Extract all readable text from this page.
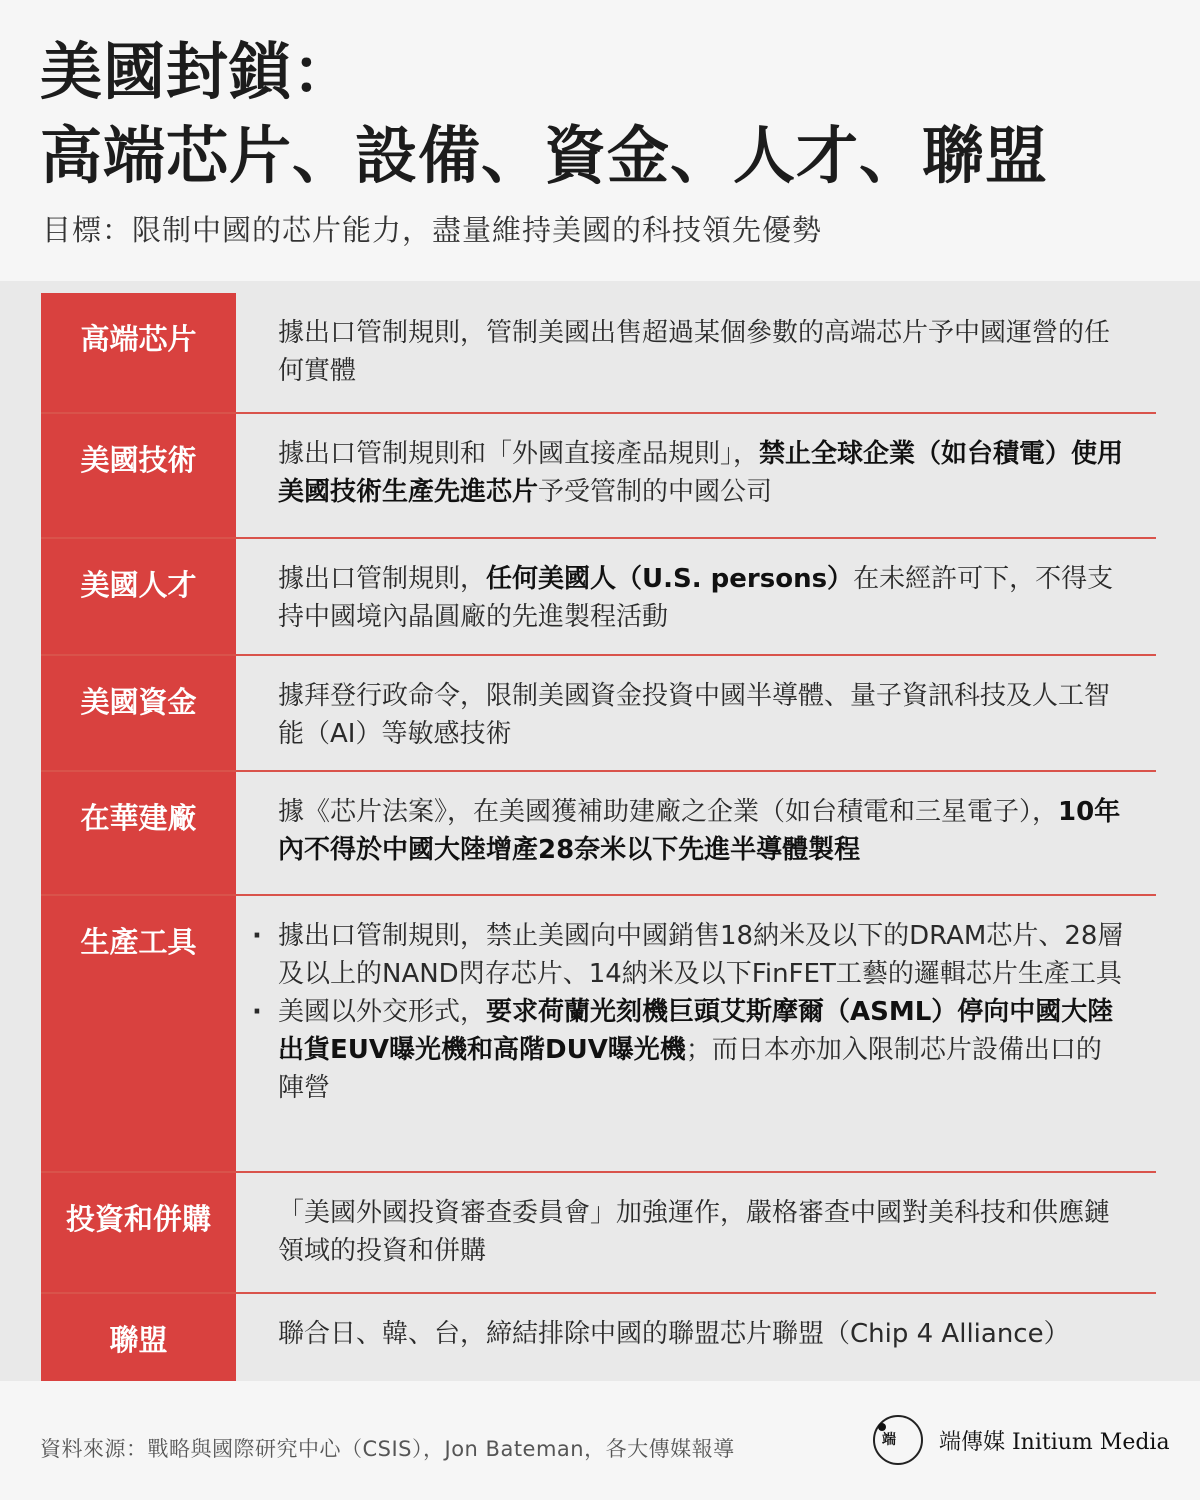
美國封鎖：
高端芯片、設備、資金、人才、聯盟

目標：限制中國的芯片能力，盡量維持美國的科技領先優勢

高端芯片	據出口管制規則，管制美國出售超過某個參數的高端芯片予中國運營的任何實體
美國技術	據出口管制規則和「外國直接產品規則」，禁止全球企業（如台積電）使用美國技術生產先進芯片予受管制的中國公司
美國人才	據出口管制規則，任何美國人（U.S. persons）在未經許可下，不得支持中國境內晶圓廠的先進製程活動
美國資金	據拜登行政命令，限制美國資金投資中國半導體、量子資訊科技及人工智能（AI）等敏感技術
在華建廠	據《芯片法案》，在美國獲補助建廠之企業（如台積電和三星電子），10年內不得於中國大陸增產28奈米以下先進半導體製程
生產工具
·	據出口管制規則，禁止美國向中國銷售18納米及以下的DRAM芯片、28層及以上的NAND閃存芯片、14納米及以下FinFET工藝的邏輯芯片生產工具
· 美國以外交形式，要求荷蘭光刻機巨頭艾斯摩爾（ASML）停向中國大陸出貨EUV曝光機和高階DUV曝光機；而日本亦加入限制芯片設備出口的陣營
投資和併購	「美國外國投資審查委員會」加強運作，嚴格審查中國對美科技和供應鏈領域的投資和併購
聯盟	聯合日、韓、台，締結排除中國的聯盟芯片聯盟（Chip 4 Alliance）

資料來源：戰略與國際研究中心（CSIS），Jon Bateman，各大傳媒報導	端 端傳媒 Initium Media
